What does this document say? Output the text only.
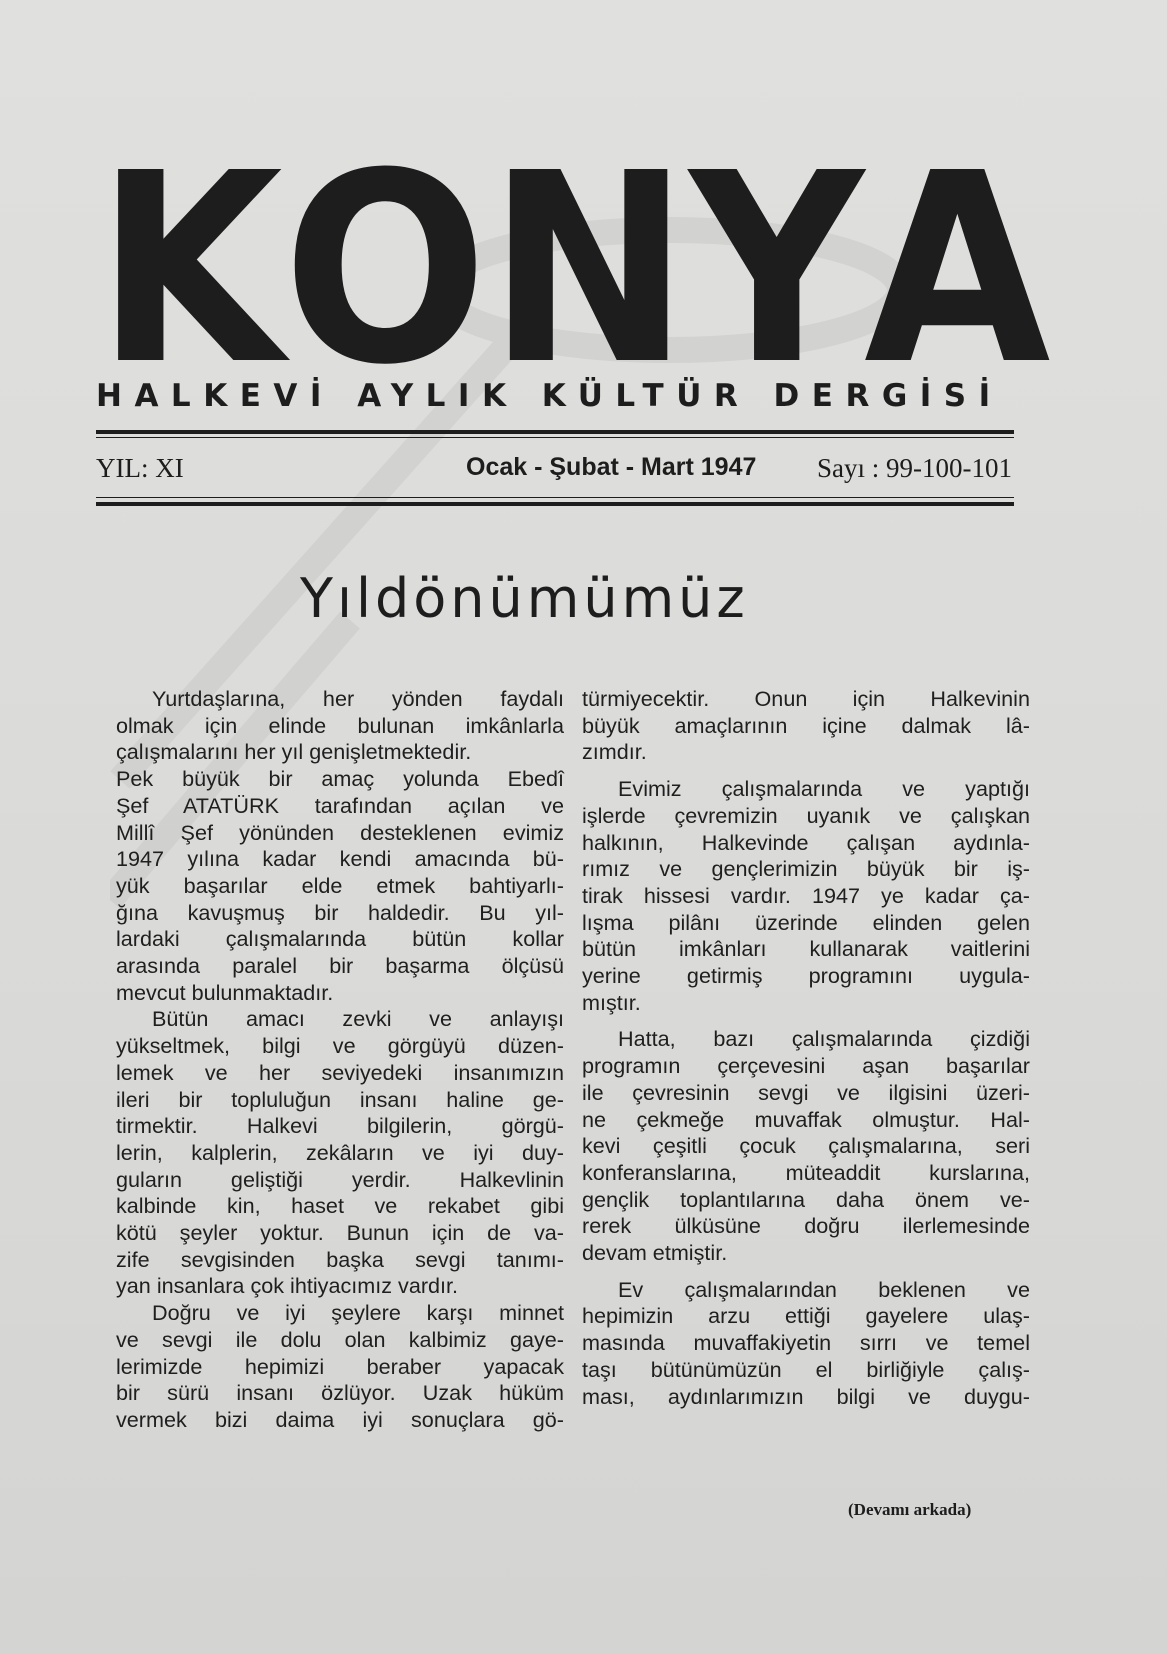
K O N Y A
HALKEVİ AYLIK KÜLTÜR DERGİSİ
YIL: XI	Ocak - Şubat - Mart 1947 Sayı : 99-100-101
Yıldönümümüz
Yurtdaşlarına, her yönden faydalı
olmak için elinde bulunan imkânlarla
çalışmalarını her yıl genişletmektedir.
Pek büyük bir amaç yolunda Ebedî
Şef ATATÜRK tarafından açılan ve
Millî Şef yönünden desteklenen evimiz
1947 yılına kadar kendi amacında bü-
yük başarılar elde etmek bahtiyarlı-
ğına kavuşmuş bir haldedir. Bu yıl-
lardaki çalışmalarında bütün kollar
arasında paralel bir başarma ölçüsü
mevcut bulunmaktadır.
Bütün amacı zevki ve anlayışı
yükseltmek, bilgi ve görgüyü düzen-
lemek ve her seviyedeki insanımızın
ileri bir topluluğun insanı haline ge-
tirmektir. Halkevi bilgilerin, görgü-
lerin, kalplerin, zekâların ve iyi duy-
guların geliştiği yerdir. Halkevlinin
kalbinde kin, haset ve rekabet gibi
kötü şeyler yoktur. Bunun için de va-
zife sevgisinden başka sevgi tanımı-
yan insanlara çok ihtiyacımız vardır.
Doğru ve iyi şeylere karşı minnet
ve sevgi ile dolu olan kalbimiz gaye-
lerimizde hepimizi beraber yapacak
bir sürü insanı özlüyor. Uzak hüküm
vermek bizi daima iyi sonuçlara gö-
türmiyecektir. Onun için Halkevinin
büyük amaçlarının içine dalmak lâ-
zımdır.
Evimiz çalışmalarında ve yaptığı
işlerde çevremizin uyanık ve çalışkan
halkının, Halkevinde çalışan aydınla-
rımız ve gençlerimizin büyük bir iş-
tirak hissesi vardır. 1947 ye kadar ça-
lışma pilânı üzerinde elinden gelen
bütün imkânları kullanarak vaitlerini
yerine getirmiş programını uygula-
mıştır.
Hatta, bazı çalışmalarında çizdiği
programın çerçevesini aşan başarılar
ile çevresinin sevgi ve ilgisini üzeri-
ne çekmeğe muvaffak olmuştur. Hal-
kevi çeşitli çocuk çalışmalarına, seri
konferanslarına, müteaddit kurslarına,
gençlik toplantılarına daha önem ve-
rerek ülküsüne doğru ilerlemesinde
devam etmiştir.
Ev çalışmalarından beklenen ve
hepimizin arzu ettiği gayelere ulaş-
masında muvaffakiyetin sırrı ve temel
taşı bütünümüzün el birliğiyle çalış-
ması, aydınlarımızın bilgi ve duygu-
(Devamı arkada)
